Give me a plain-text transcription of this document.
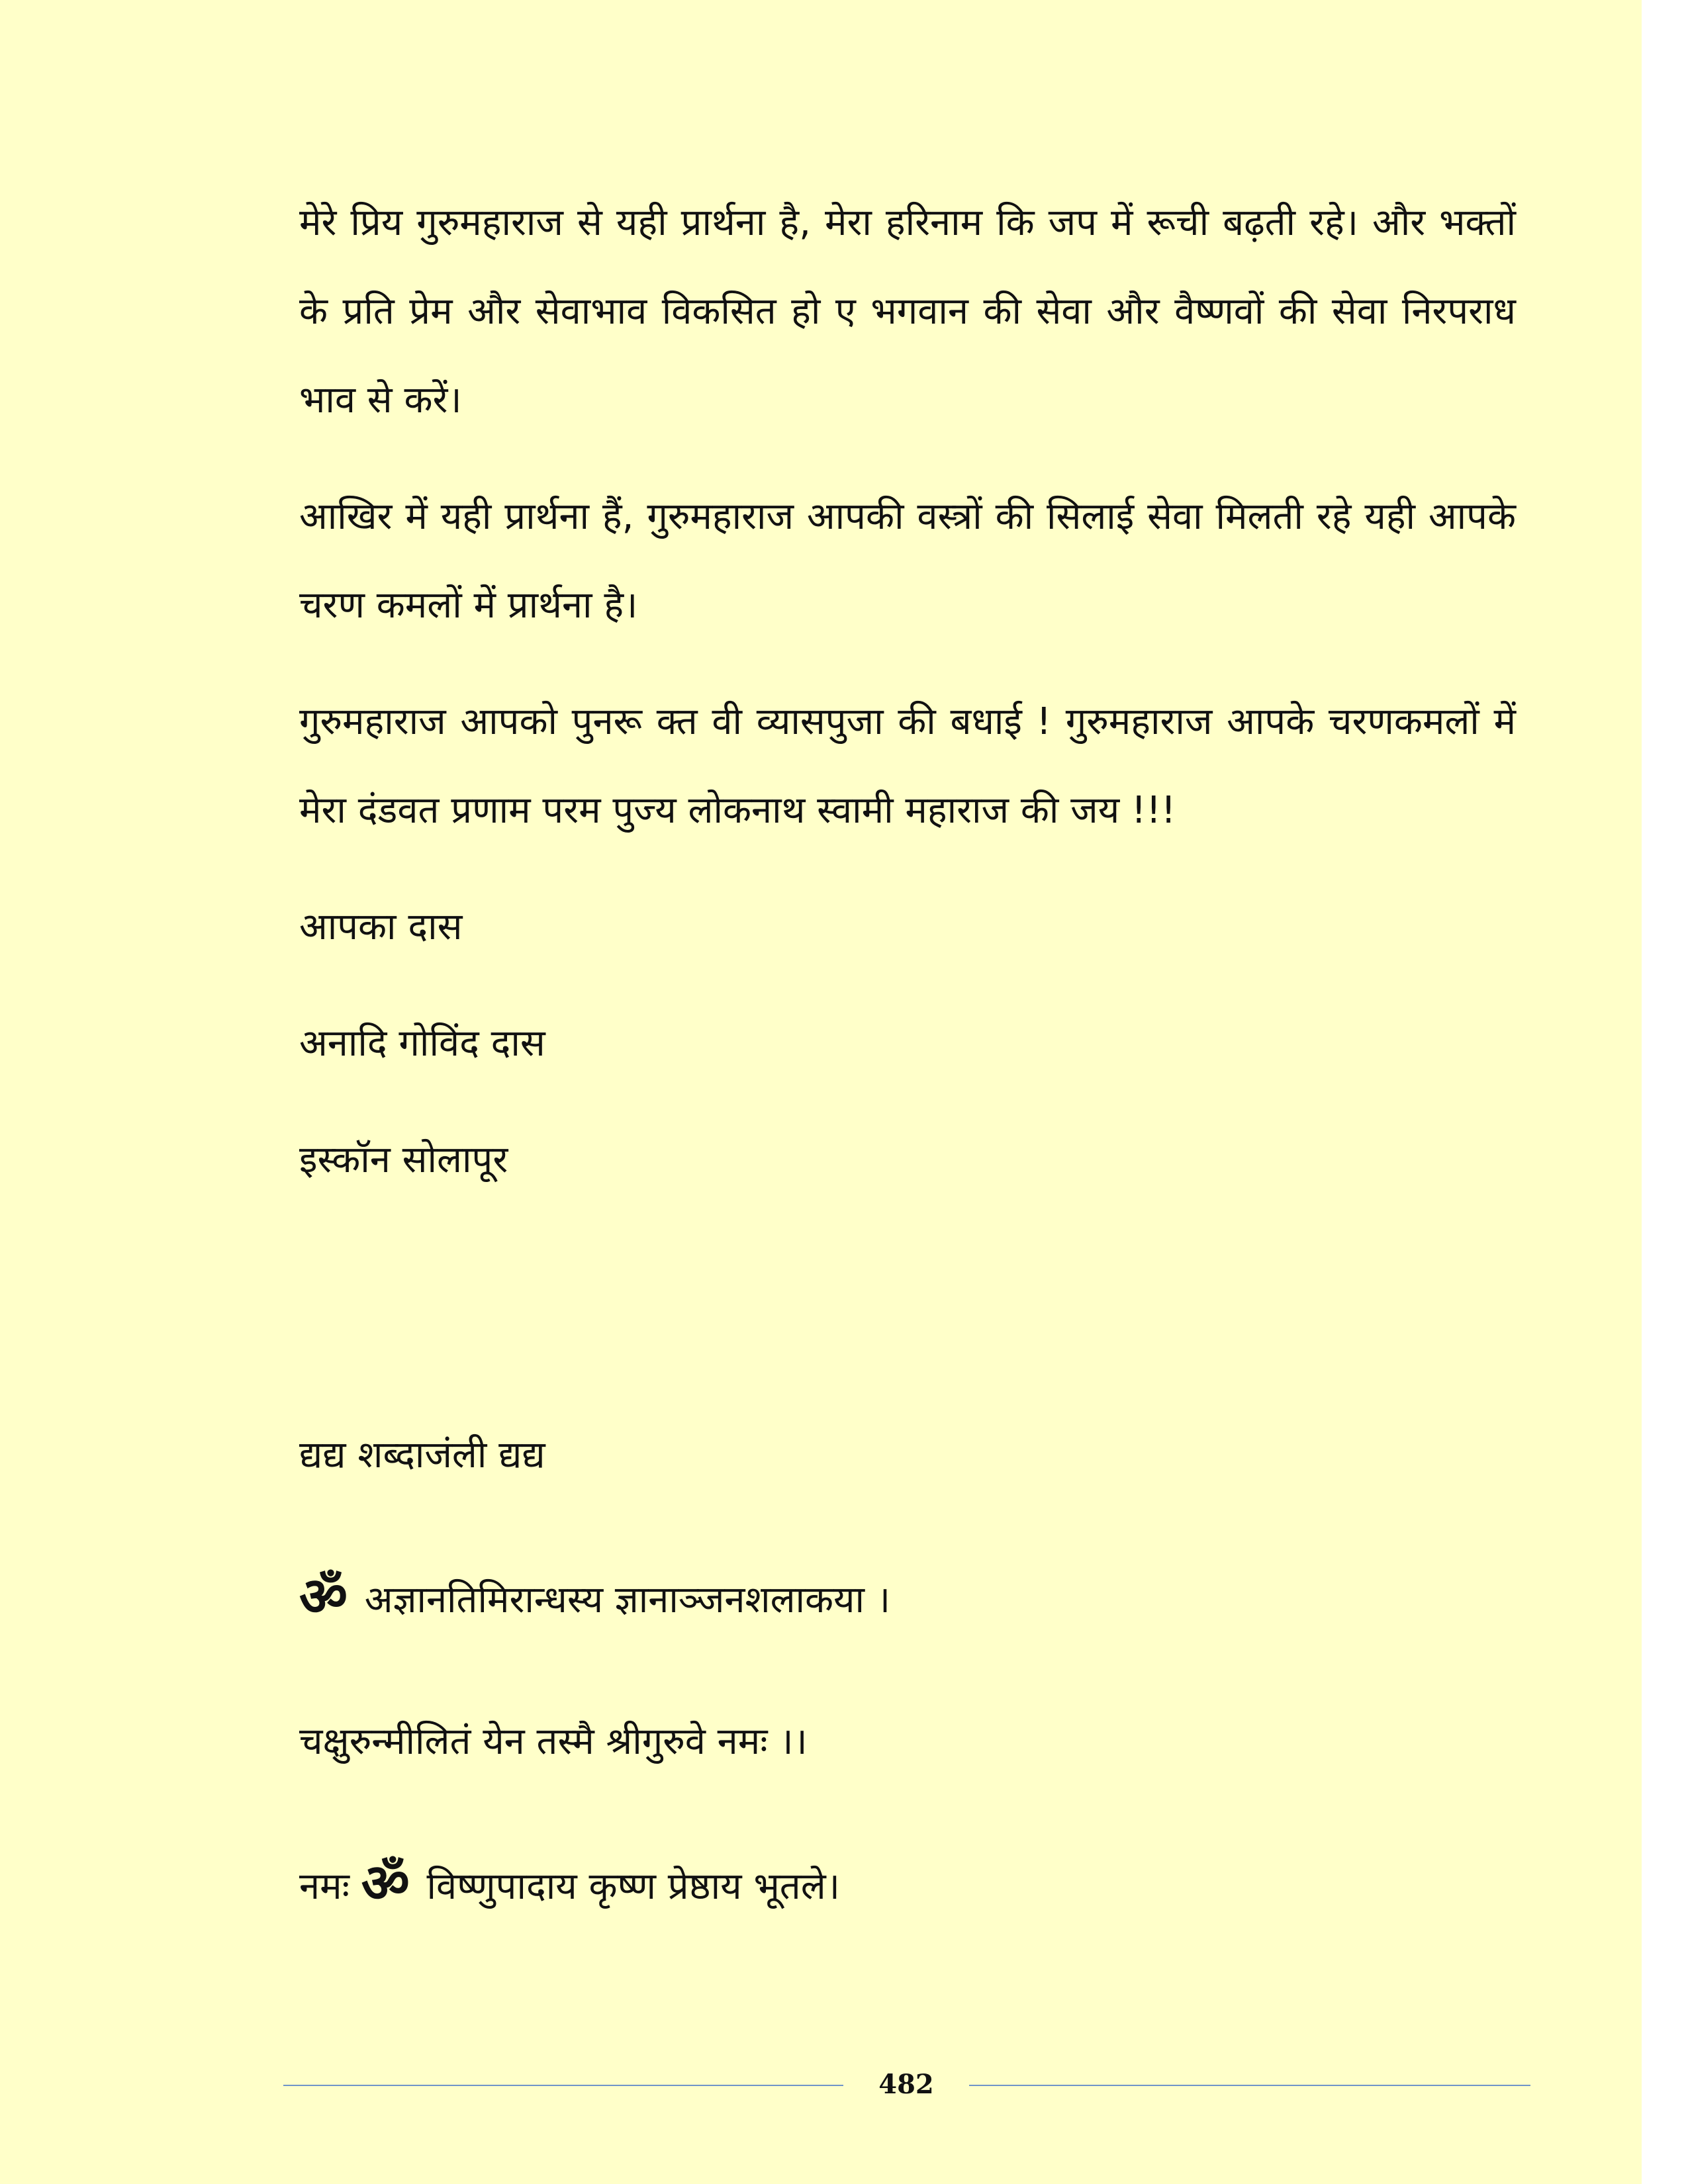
मेरे प्रिय गुरुमहाराज से यही प्रार्थना है, मेरा हरिनाम कि जप में रूची बढ़ती रहे। और भक्तों के प्रति प्रेम और सेवाभाव विकसित हो ए भगवान की सेवा और वैष्णवों की सेवा निरपराध भाव से करें।

आखिर में यही प्रार्थना हैं, गुरुमहाराज आपकी वस्त्रों की सिलाई सेवा मिलती रहे यही आपके चरण कमलों में प्रार्थना है।

गुरुमहाराज आपको पुनरू क्त वी व्यासपुजा की बधाई ! गुरुमहाराज आपके चरणकमलों में मेरा दंडवत प्रणाम परम पुज्य लोकनाथ स्वामी महाराज की जय !!!

आपका दास
अनादि गोविंद दास
इस्कॉन सोलापूर
द्यद्य शब्दाजंली द्यद्य
ॐ अज्ञानतिमिरान्धस्य ज्ञानाञ्जनशलाकया ।
चक्षुरुन्मीलितं येन तस्मै श्रीगुरुवे नमः ।।
नमः ॐ विष्णुपादाय कृष्ण प्रेष्ठाय भूतले।
482
